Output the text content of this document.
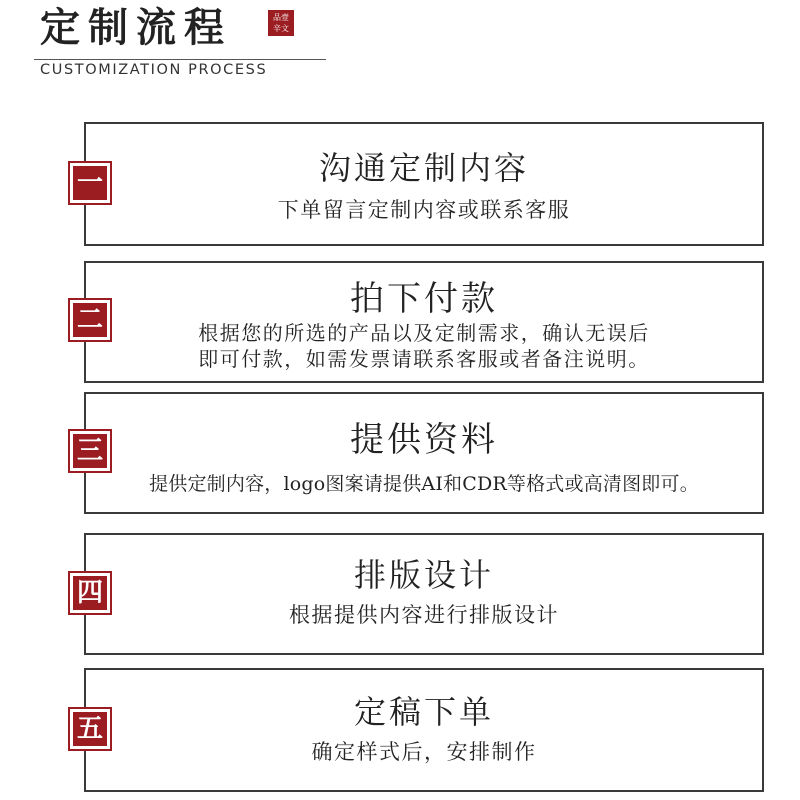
定制流程	品壹辛文
CUSTOMIZATION PROCESS
沟通定制内容
下单留言定制内容或联系客服
一
拍下付款
根据您的所选的产品以及定制需求，确认无误后
即可付款，如需发票请联系客服或者备注说明。
二
提供资料
提供定制内容，logo图案请提供AI和CDR等格式或高清图即可。
三
排版设计
根据提供内容进行排版设计
四
定稿下单
确定样式后，安排制作
五
